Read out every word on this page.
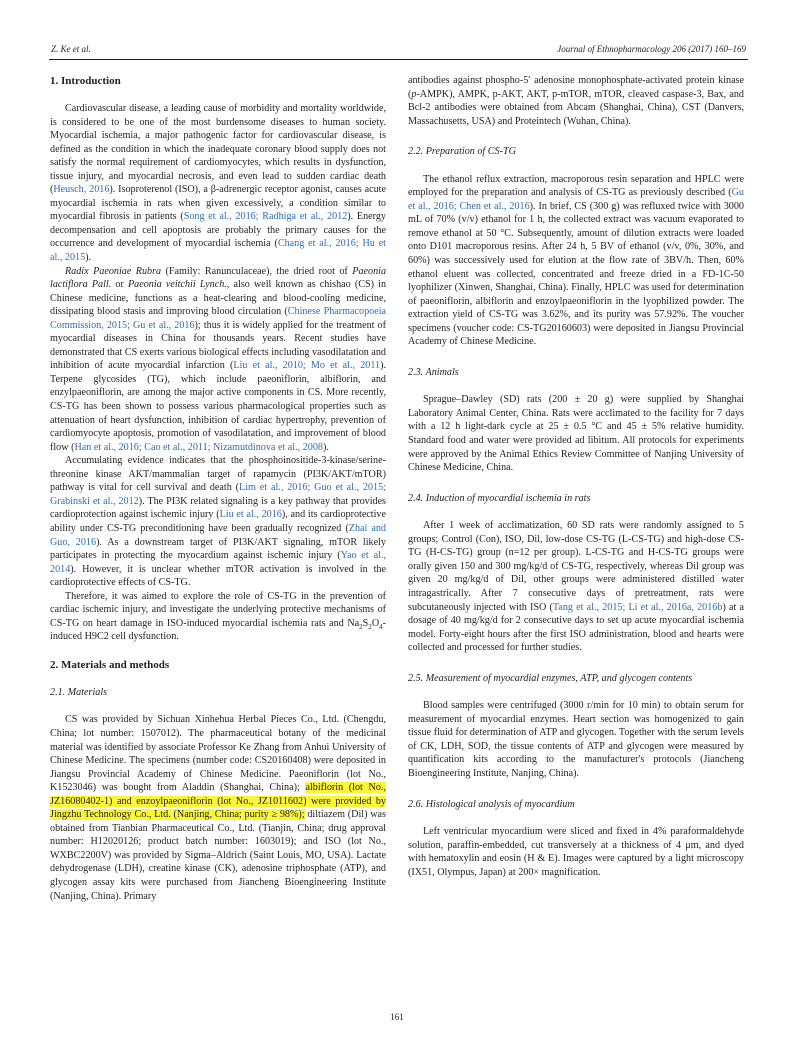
Z. Ke et al.	Journal of Ethnopharmacology 206 (2017) 160–169
1. Introduction

Cardiovascular disease, a leading cause of morbidity and mortality worldwide, is considered to be one of the most burdensome diseases to human society. Myocardial ischemia, a major pathogenic factor for cardiovascular disease, is defined as the condition in which the inadequate coronary blood supply does not satisfy the normal requirement of cardiomyocytes, which results in dysfunction, tissue injury, and myocardial necrosis, and even lead to sudden cardiac death (Heusch, 2016). Isoproterenol (ISO), a β-adrenergic receptor agonist, causes acute myocardial ischemia in rats when given excessively, a condition similar to myocardial fibrosis in patients (Song et al., 2016; Radhiga et al., 2012). Energy decompensation and cell apoptosis are probably the primary causes for the occurrence and development of myocardial ischemia (Chang et al., 2016; Hu et al., 2015).

Radix Paeoniae Rubra (Family: Ranunculaceae), the dried root of Paeonia lactiflora Pall. or Paeonia veitchii Lynch., also well known as chishao (CS) in Chinese medicine, functions as a heat-clearing and blood-cooling medicine, dissipating blood stasis and improving blood circulation (Chinese Pharmacopoeia Commission, 2015; Gu et al., 2016); thus it is widely applied for the treatment of myocardial diseases in China for thousands years. Recent studies have demonstrated that CS exerts various biological effects including vasodilatation and inhibition of acute myocardial infarction (Liu et al., 2010; Mo et al., 2011). Terpene glycosides (TG), which include paeoniflorin, albiflorin, and enzylpaeoniflorin, are among the major active components in CS. More recently, CS-TG has been shown to possess various pharmacological properties such as attenuation of heart dysfunction, inhibition of cardiac hypertrophy, prevention of cardiomyocyte apoptosis, promotion of vasodilatation, and improvement of blood flow (Han et al., 2016; Cao et al., 2011; Nizamutdinova et al., 2008).

Accumulating evidence indicates that the phosphoinositide-3-kinase/serine-threonine kinase AKT/mammalian target of rapamycin (PI3K/AKT/mTOR) pathway is vital for cell survival and death (Lim et al., 2016; Guo et al., 2015; Grabinski et al., 2012). The PI3K related signaling is a key pathway that provides cardioprotection against ischemic injury (Liu et al., 2016), and its cardioprotective ability under CS-TG preconditioning have been gradually recognized (Zhai and Guo, 2016). As a downstream target of PI3K/AKT signaling, mTOR likely participates in protecting the myocardium against ischemic injury (Yao et al., 2014). However, it is unclear whether mTOR activation is involved in the cardioprotective effects of CS-TG.

Therefore, it was aimed to explore the role of CS-TG in the prevention of cardiac ischemic injury, and investigate the underlying protective mechanisms of CS-TG on heart damage in ISO-induced myocardial ischemia rats and $Na_2S_2O_4$-induced H9C2 cell dysfunction.

2. Materials and methods
2.1. Materials

CS was provided by Sichuan Xinhehua Herbal Pieces Co., Ltd. (Chengdu, China; lot number: 1507012). The pharmaceutical botany of the medicinal material was identified by associate Professor Ke Zhang from Anhui University of Chinese Medicine. The specimens (number code: CS20160408) were deposited in Jiangsu Provincial Academy of Chinese Medicine. Paeoniflorin (lot No., K1523046) was bought from Aladdin (Shanghai, China); albiflorin (lot No., JZ16080402-1) and enzoylpaeoniflorin (lot No., JZ1011602) were provided by Jingzhu Technology Co., Ltd. (Nanjing, China; purity ≥ 98%); diltiazem (Dil) was obtained from Tianbian Pharmaceutical Co., Ltd. (Tianjin, China; drug approval number: H12020126; product batch number: 1603019); and ISO (lot No., WXBC2200V) was provided by Sigma–Aldrich (Saint Louis, MO, USA). Lactate dehydrogenase (LDH), creatine kinase (CK), adenosine triphosphate (ATP), and glycogen assay kits were purchased from Jiancheng Bioengineering Institute (Nanjing, China). Primary

antibodies against phospho-5′ adenosine monophosphate-activated protein kinase (p-AMPK), AMPK, p-AKT, AKT, p-mTOR, mTOR, cleaved caspase-3, Bax, and Bcl-2 antibodies were obtained from Abcam (Shanghai, China), CST (Danvers, Massachusetts, USA) and Proteintech (Wuhan, China).

2.2. Preparation of CS-TG

The ethanol reflux extraction, macroporous resin separation and HPLC were employed for the preparation and analysis of CS-TG as previously described (Gu et al., 2016; Chen et al., 2016). In brief, CS (300 g) was refluxed twice with 3000 mL of 70% (v/v) ethanol for 1 h, the collected extract was vacuum evaporated to remove ethanol at 50 °C. Subsequently, amount of dilution extracts were loaded onto D101 macroporous resins. After 24 h, 5 BV of ethanol (v/v, 0%, 30%, and 60%) was successively used for elution at the flow rate of 3BV/h. Then, 60% ethanol eluent was collected, concentrated and freeze dried in a FD-1C-50 lyophilizer (Xinwen, Shanghai, China). Finally, HPLC was used for determination of paeoniflorin, albiflorin and enzoylpaeoniflorin in the lyophilized powder. The extraction yield of CS-TG was 3.62%, and its purity was 57.92%. The voucher specimens (voucher code: CS-TG20160603) were deposited in Jiangsu Provincial Academy of Chinese Medicine.

2.3. Animals

Sprague–Dawley (SD) rats (200 ± 20 g) were supplied by Shanghai Laboratory Animal Center, China. Rats were acclimated to the facility for 7 days with a 12 h light-dark cycle at 25 ± 0.5 °C and 45 ± 5% relative humidity. Standard food and water were provided ad libitum. All protocols for experiments were approved by the Animal Ethics Review Committee of Nanjing University of Chinese Medicine, China.

2.4. Induction of myocardial ischemia in rats

After 1 week of acclimatization, 60 SD rats were randomly assigned to 5 groups; Control (Con), ISO, Dil, low-dose CS-TG (L-CS-TG) and high-dose CS-TG (H-CS-TG) group (n=12 per group). L-CS-TG and H-CS-TG groups were orally given 150 and 300 mg/kg/d of CS-TG, respectively, whereas Dil group was given 20 mg/kg/d of Dil, other groups were administered distilled water intragastrically. After 7 consecutive days of pretreatment, rats were subcutaneously injected with ISO (Tang et al., 2015; Li et al., 2016a, 2016b) at a dosage of 40 mg/kg/d for 2 consecutive days to set up acute myocardial ischemia model. Forty-eight hours after the first ISO administration, blood and hearts were collected and processed for further studies.

2.5. Measurement of myocardial enzymes, ATP, and glycogen contents

Blood samples were centrifuged (3000 r/min for 10 min) to obtain serum for measurement of myocardial enzymes. Heart section was homogenized to gain tissue fluid for determination of ATP and glycogen. Together with the serum levels of CK, LDH, SOD, the tissue contents of ATP and glycogen were measured by quantification kits according to the manufacturer's protocols (Jiancheng Bioengineering Institute, Nanjing, China).

2.6. Histological analysis of myocardium

Left ventricular myocardium were sliced and fixed in 4% paraformaldehyde solution, paraffin-embedded, cut transversely at a thickness of 4 μm, and dyed with hematoxylin and eosin (H & E). Images were captured by a light microscopy (IX51, Olympus, Japan) at 200× magnification.

161
